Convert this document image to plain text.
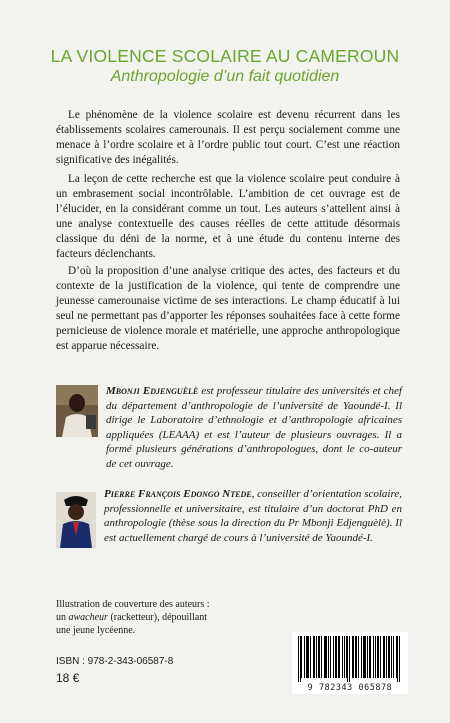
LA VIOLENCE SCOLAIRE AU CAMEROUN
Anthropologie d’un fait quotidien

Le phénomène de la violence scolaire est devenu récurrent dans les établissements scolaires camerounais. Il est perçu socialement comme une menace à l’ordre scolaire et à l’ordre public tout court. C’est une réaction significative des inégalités.

La leçon de cette recherche est que la violence scolaire peut conduire à un embrasement social incontrôlable. L’ambition de cet ouvrage est de l’élucider, en la considérant comme un tout. Les auteurs s’attellent ainsi à une analyse contextuelle des causes réelles de cette attitude désormais classique du déni de la norme, et à une étude du contenu interne des facteurs déclenchants.

D’où la proposition d’une analyse critique des actes, des facteurs et du contexte de la justification de la violence, qui tente de comprendre une jeunesse camerounaise victime de ses interactions. Le champ éducatif à lui seul ne permettant pas d’apporter les réponses souhaitées face à cette forme pernicieuse de violence morale et matérielle, une approche anthropologique est apparue nécessaire.

Mbonji Edjenguèlè est professeur titulaire des universités et chef du département d’anthropologie de l’université de Yaoundé-I. Il dirige le Laboratoire d’ethnologie et d’anthropologie africaines appliquées (LEAAA) et est l’auteur de plusieurs ouvrages. Il a formé plusieurs générations d’anthropologues, dont le co-auteur de cet ouvrage.
Pierre François Edongo Ntede, conseiller d’orientation scolaire, professionnelle et universitaire, est titulaire d’un doctorat PhD en anthropologie (thèse sous la direction du Pr Mbonji Edjenguèlè). Il est actuellement chargé de cours à l’université de Yaoundé-I.
Illustration de couverture des auteurs :
un awacheur (racketteur), dépouillant
une jeune lycéenne.
ISBN : 978-2-343-06587-8
18 €
9 782343 065878
